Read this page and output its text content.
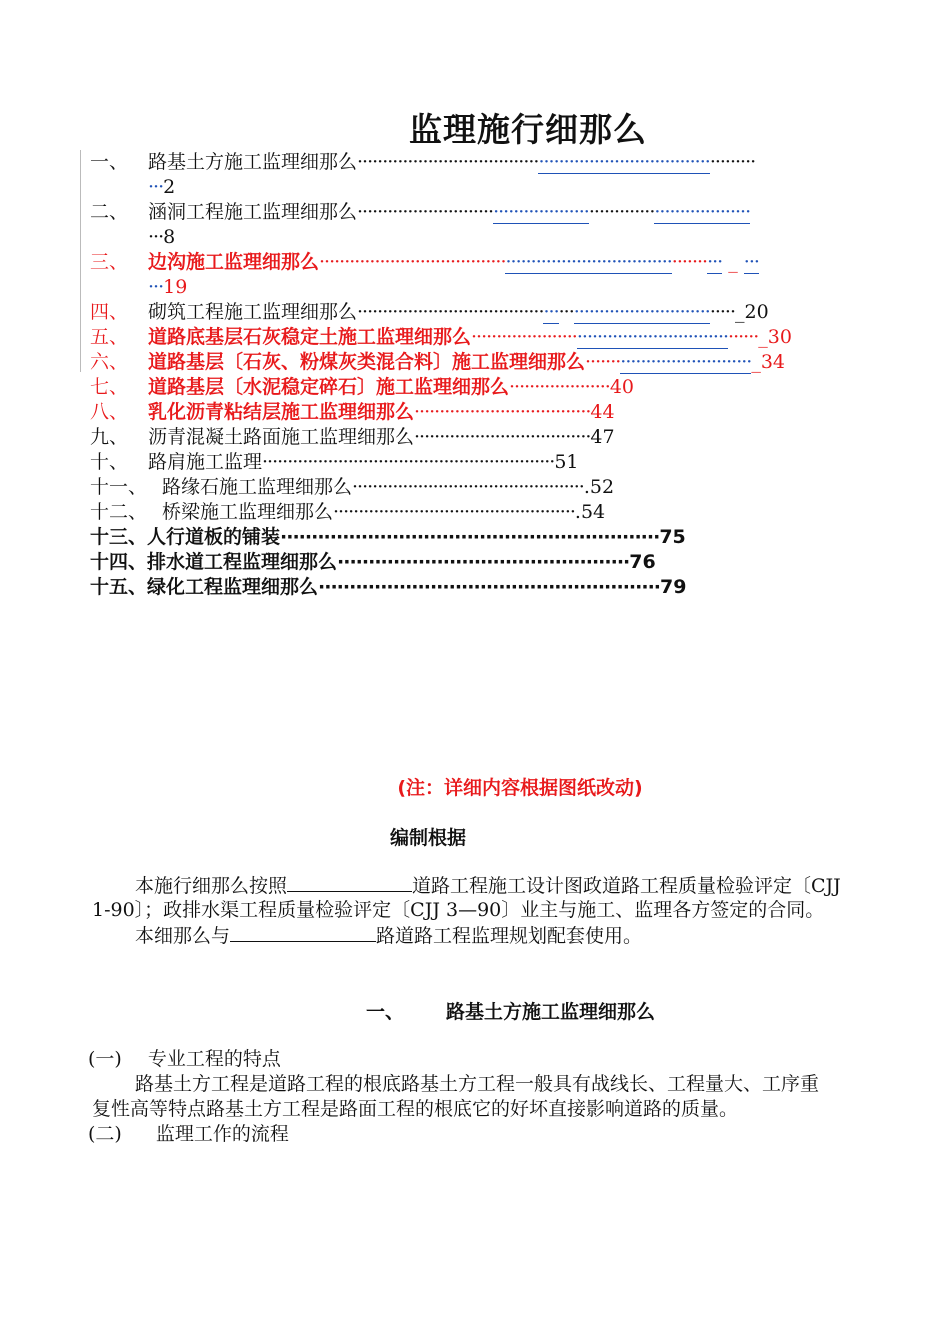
监理施行细那么
一、 路基土方施工监理细那么···············································································
···2
二、 涵洞工程施工监理细那么··············································································
···8
三、 边沟施工监理细那么················································································ _ ···
···19
四、 砌筑工程施工监理细那么···········································································_20
五、 道路底基层石灰稳定土施工监理细那么·························································_30
六、 道路基层〔石灰、粉煤灰类混合料〕施工监理细那么·································_34
七、 道路基层〔水泥稳定碎石〕施工监理细那么····················40
八、 乳化沥青粘结层施工监理细那么···································44
九、 沥青混凝土路面施工监理细那么···································47
十、 路肩施工监理··························································51
十一、 路缘石施工监理细那么··············································.52
十二、 桥梁施工监理细那么················································.54
十三、人行道板的铺装·····························································75
十四、排水道工程监理细那么···············································76
十五、绿化工程监理细那么·······················································79
(注：详细内容根据图纸改动)
编制根据
本施行细那么按照	道路工程施工设计图政道路工程质量检验评定〔CJJ
1-90〕；政排水渠工程质量检验评定〔CJJ 3—90〕业主与施工、监理各方签定的合同。
本细那么与	路道路工程监理规划配套使用。
一、 路基土方施工监理细那么
(一) 专业工程的特点
路基土方工程是道路工程的根底路基土方工程一般具有战线长、工程量大、工序重
复性高等特点路基土方工程是路面工程的根底它的好坏直接影响道路的质量。
(二) 监理工作的流程
